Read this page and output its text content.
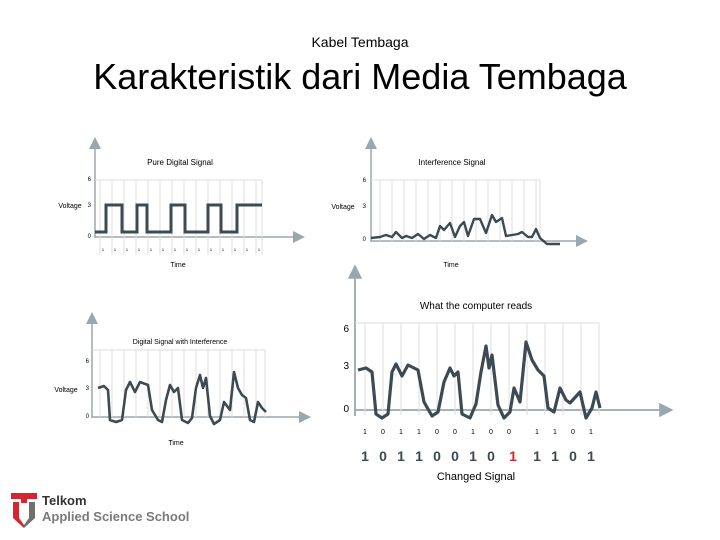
Kabel Tembaga
Karakteristik dari Media Tembaga
Pure Digital Signal
6
3
0
Voltage
Time
1 1 1 1 1 1 1 1 1 1 1 1 1 1
Interference Signal
6
3
0
Voltage
Time
Digital Signal with Interference
6
3
0
Voltage
Time
What the computer reads
6
3
0
1 0 1 1 0 0 1 0 0	1 1 0 1
1 0 1 1 0 0 1 0 1 1 1 0 1
Changed Signal
Telkom
Applied Science School
